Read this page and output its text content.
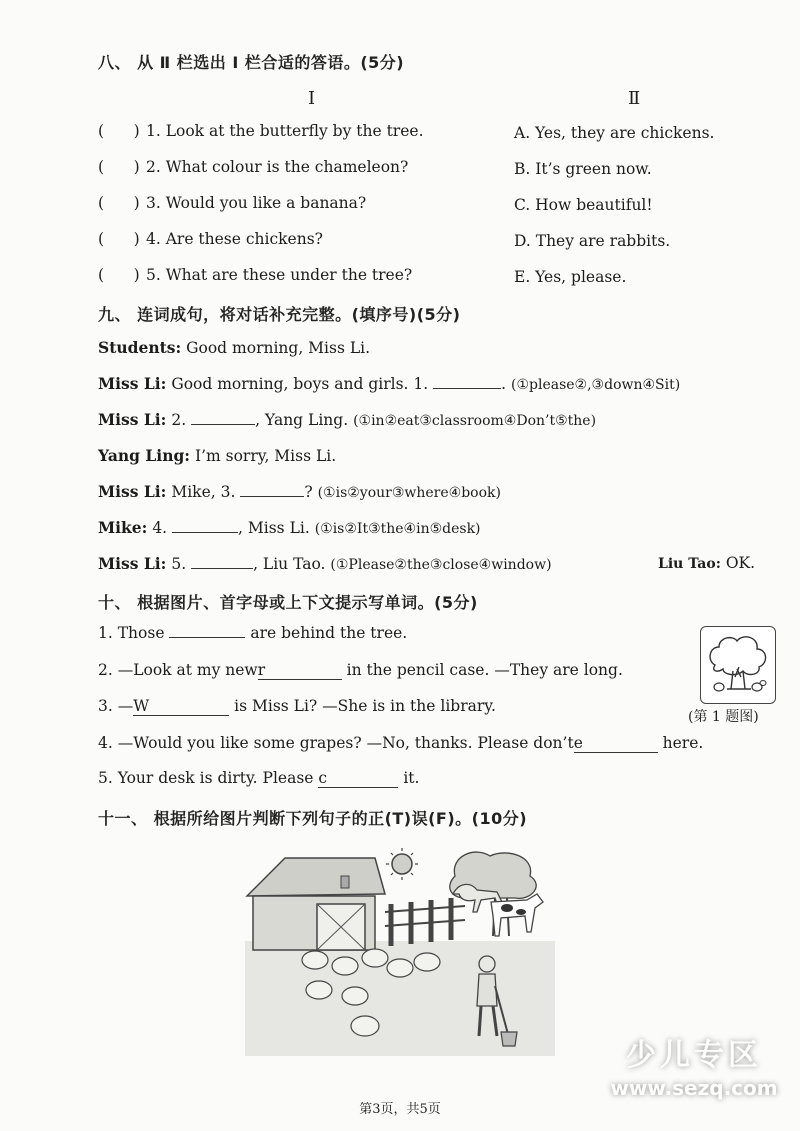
八、 从 Ⅱ 栏选出 Ⅰ 栏合适的答语。(5分)
Ⅰ	Ⅱ
(      ) 1. Look at the butterfly by the tree.	A. Yes, they are chickens.
(      ) 2. What colour is the chameleon?	B. It’s green now.
(      ) 3. Would you like a banana?	C. How beautiful!
(      ) 4. Are these chickens?	D. They are rabbits.
(      ) 5. What are these under the tree?	E. Yes, please.
九、 连词成句，将对话补充完整。(填序号)(5分)
Students: Good morning, Miss Li.
Miss Li: Good morning, boys and girls. 1.	. (①please②,③down④Sit)
Miss Li: 2.	, Yang Ling. (①in②eat③classroom④Don’t⑤the)
Yang Ling: I’m sorry, Miss Li.
Miss Li: Mike, 3.	? (①is②your③where④book)
Mike: 4.	, Miss Li. (①is②It③the④in⑤desk)
Miss Li: 5.	, Liu Tao. (①Please②the③close④window)	Liu Tao: OK.
十、 根据图片、首字母或上下文提示写单词。(5分)
1. Those	are behind the tree.
2. —Look at my newr	in the pencil case. —They are long.
3. —W	is Miss Li? —She is in the library.
4. —Would you like some grapes? —No, thanks. Please don’te	here.
5. Your desk is dirty. Please c	it.
(第 1 题图)
十一、 根据所给图片判断下列句子的正(T)误(F)。(10分)
第3页，共5页
少儿专区
www.sezq.com
